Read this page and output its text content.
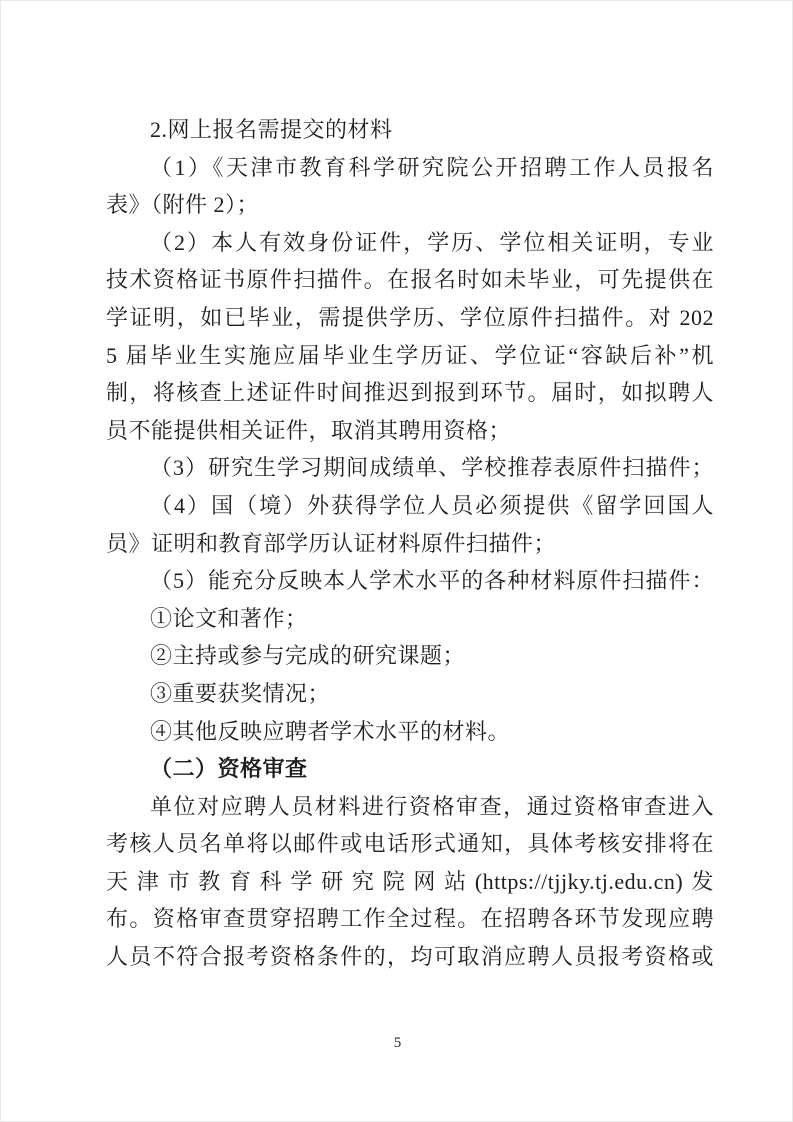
2.网上报名需提交的材料
（1）《天津市教育科学研究院公开招聘工作人员报名
表》（附件 2）；
（2）本人有效身份证件，学历、学位相关证明，专业
技术资格证书原件扫描件。在报名时如未毕业，可先提供在
学证明，如已毕业，需提供学历、学位原件扫描件。对 202
5 届毕业生实施应届毕业生学历证、学位证“容缺后补”机
制，将核查上述证件时间推迟到报到环节。届时，如拟聘人
员不能提供相关证件，取消其聘用资格；
（3）研究生学习期间成绩单、学校推荐表原件扫描件；
（4）国（境）外获得学位人员必须提供《留学回国人
员》证明和教育部学历认证材料原件扫描件；
（5）能充分反映本人学术水平的各种材料原件扫描件：
①论文和著作；
②主持或参与完成的研究课题；
③重要获奖情况；
④其他反映应聘者学术水平的材料。
（二）资格审查
单位对应聘人员材料进行资格审查，通过资格审查进入
考核人员名单将以邮件或电话形式通知，具体考核安排将在
天津市教育科学研究院网站(https://tjjky.tj.edu.cn)发
布。资格审查贯穿招聘工作全过程。在招聘各环节发现应聘
人员不符合报考资格条件的，均可取消应聘人员报考资格或
5
